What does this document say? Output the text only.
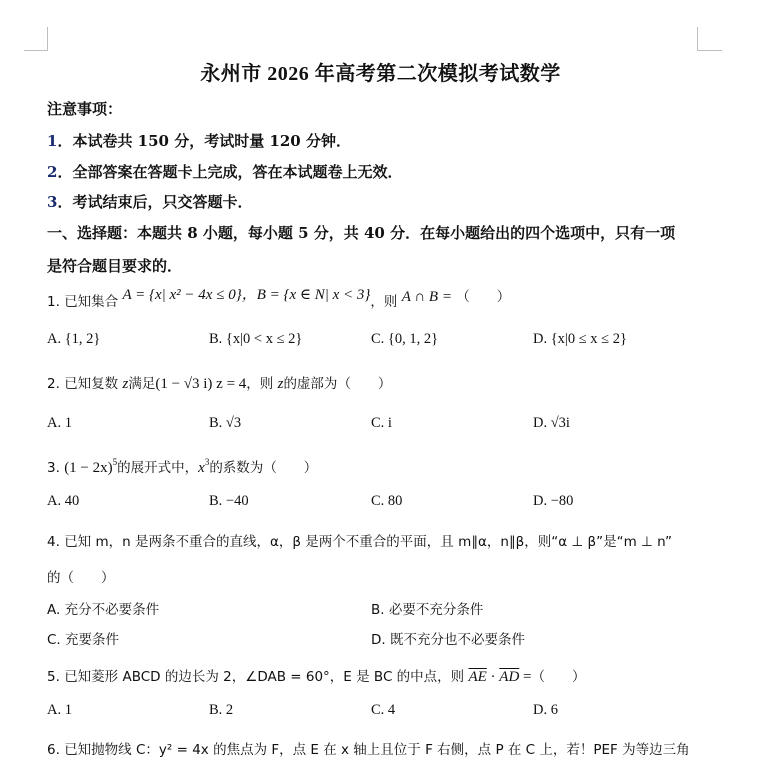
永州市 2026 年高考第二次模拟考试数学
注意事项：
1．本试卷共 150 分，考试时量 120 分钟．
2．全部答案在答题卡上完成，答在本试题卷上无效．
3．考试结束后，只交答题卡．
一、选择题：本题共 8 小题，每小题 5 分，共 40 分．在每小题给出的四个选项中，只有一项
是符合题目要求的．
1. 已知集合 A = {x| x² − 4x ≤ 0}，B = {x ∈ N| x < 3}，则 A ∩ B = （　　）
A. {1, 2}	B. {x|0 < x ≤ 2}	C. {0, 1, 2}	D. {x|0 ≤ x ≤ 2}
2. 已知复数 z满足(1 − √3 i) z = 4，则 z的虚部为（　　）
A. 1	B. √3	C. i	D. √3i
3. $(1 - 2x)^5$的展开式中，$x^3$的系数为（　　）
A. 40	B. −40	C. 80	D. −80
4. 已知 m，n 是两条不重合的直线，α，β 是两个不重合的平面，且 m∥α，n∥β，则“α ⊥ β”是“m ⊥ n”
的（　　）
A. 充分不必要条件	B. 必要不充分条件
C. 充要条件	D. 既不充分也不必要条件
5. 已知菱形 ABCD 的边长为 2，∠DAB = 60°，E 是 BC 的中点，则 $\overline{AE} \cdot \overline{AD}$ =（　　）
A. 1	B. 2	C. 4	D. 6
6. 已知抛物线 C：y² = 4x 的焦点为 F，点 E 在 x 轴上且位于 F 右侧，点 P 在 C 上，若！PEF 为等边三角
